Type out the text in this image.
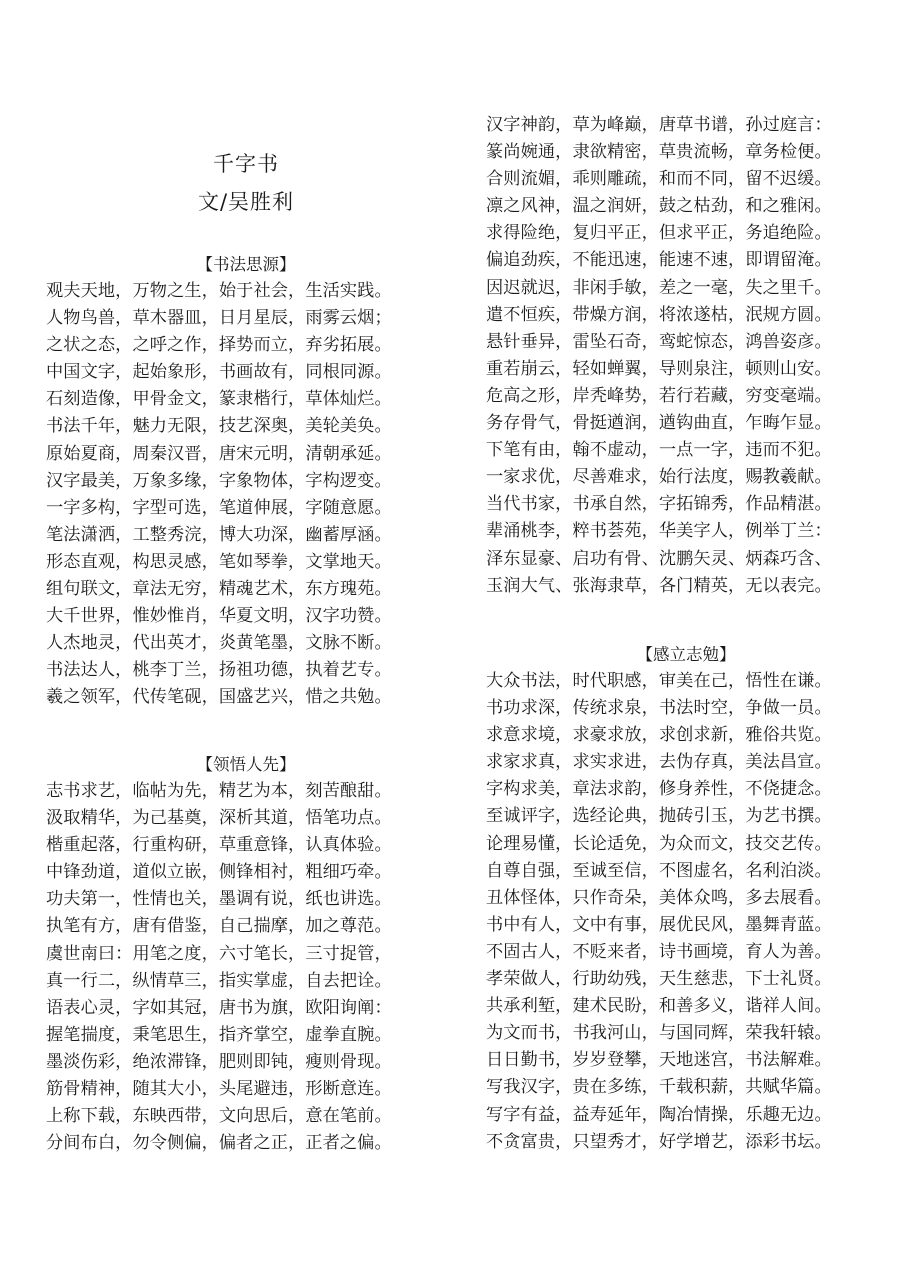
千字书
文/吴胜利
【书法思源】
观夫天地，万物之生，始于社会，生活实践。
人物鸟兽，草木器皿，日月星辰，雨雾云烟；
之状之态，之呼之作，择势而立，弃劣拓展。
中国文字，起始象形，书画故有，同根同源。
石刻造像，甲骨金文，篆隶楷行，草体灿烂。
书法千年，魅力无限，技艺深奥，美轮美奂。
原始夏商，周秦汉晋，唐宋元明，清朝承延。
汉字最美，万象多缘，字象物体，字构逻变。
一字多构，字型可选，笔道伸展，字随意愿。
笔法潇洒，工整秀浣，博大功深，幽蓄厚涵。
形态直观，构思灵感，笔如琴拳，文掌地天。
组句联文，章法无穷，精魂艺术，东方瑰苑。
大千世界，惟妙惟肖，华夏文明，汉字功赞。
人杰地灵，代出英才，炎黄笔墨，文脉不断。
书法达人，桃李丁兰，扬祖功德，执着艺专。
羲之领军，代传笔砚，国盛艺兴，惜之共勉。
【领悟人先】
志书求艺，临帖为先，精艺为本，刻苦酿甜。
汲取精华，为己基奠，深析其道，悟笔功点。
楷重起落，行重构研，草重意锋，认真体验。
中锋劲道，道似立嵌，侧锋相衬，粗细巧牵。
功夫第一，性情也关，墨调有说，纸也讲选。
执笔有方，唐有借鉴，自己揣摩，加之尊范。
虞世南曰：用笔之度，六寸笔长，三寸捉管，
真一行二，纵情草三，指实掌虚，自去把诠。
语表心灵，字如其冠，唐书为旗，欧阳询阐：
握笔揣度，秉笔思生，指齐掌空，虚拳直腕。
墨淡伤彩，绝浓滞锋，肥则即钝，瘦则骨现。
筋骨精神，随其大小，头尾避违，形断意连。
上称下载，东映西带，文向思后，意在笔前。
分间布白，勿令侧偏，偏者之正，正者之偏。
汉字神韵，草为峰巅，唐草书谱，孙过庭言：
篆尚婉通，隶欲精密，草贵流畅，章务检便。
合则流媚，乖则雕疏，和而不同，留不迟缓。
凛之风神，温之润妍，鼓之枯劲，和之雅闲。
求得险绝，复归平正，但求平正，务追绝险。
偏追劲疾，不能迅速，能速不速，即谓留淹。
因迟就迟，非闲手敏，差之一毫，失之里千。
遣不恒疾，带燥方润，将浓遂枯，泯规方圆。
悬针垂异，雷坠石奇，鸾蛇惊态，鸿兽姿彦。
重若崩云，轻如蝉翼，导则泉注，顿则山安。
危高之形，岸秃峰势，若行若藏，穷变毫端。
务存骨气，骨挺遒润，遒钩曲直，乍晦乍显。
下笔有由，翰不虚动，一点一字，违而不犯。
一家求优，尽善难求，始行法度，赐教羲献。
当代书家，书承自然，字拓锦秀，作品精湛。
辈涌桃李，粹书荟苑，华美字人，例举丁兰：
泽东显豪、启功有骨、沈鹏矢灵、炳森巧含、
玉润大气、张海隶草，各门精英，无以表完。
【感立志勉】
大众书法，时代职感，审美在己，悟性在谦。
书功求深，传统求泉，书法时空，争做一员。
求意求境，求豪求放，求创求新，雅俗共览。
求家求真，求实求进，去伪存真，美法昌宣。
字构求美，章法求韵，修身养性，不侥捷念。
至诚评字，选经论典，抛砖引玉，为艺书撰。
论理易懂，长论适免，为众而文，技交艺传。
自尊自强，至诚至信，不图虚名，名利泊淡。
丑体怪体，只作奇朵，美体众鸣，多去展看。
书中有人，文中有事，展优民风，墨舞青蓝。
不固古人，不贬来者，诗书画境，育人为善。
孝荣做人，行助幼残，天生慈悲，下士礼贤。
共承利堑，建术民盼，和善多义，谐祥人间。
为文而书，书我河山，与国同辉，荣我轩辕。
日日勤书，岁岁登攀，天地迷宫，书法解难。
写我汉字，贵在多练，千载积薪，共赋华篇。
写字有益，益寿延年，陶冶情操，乐趣无边。
不贪富贵，只望秀才，好学增艺，添彩书坛。
